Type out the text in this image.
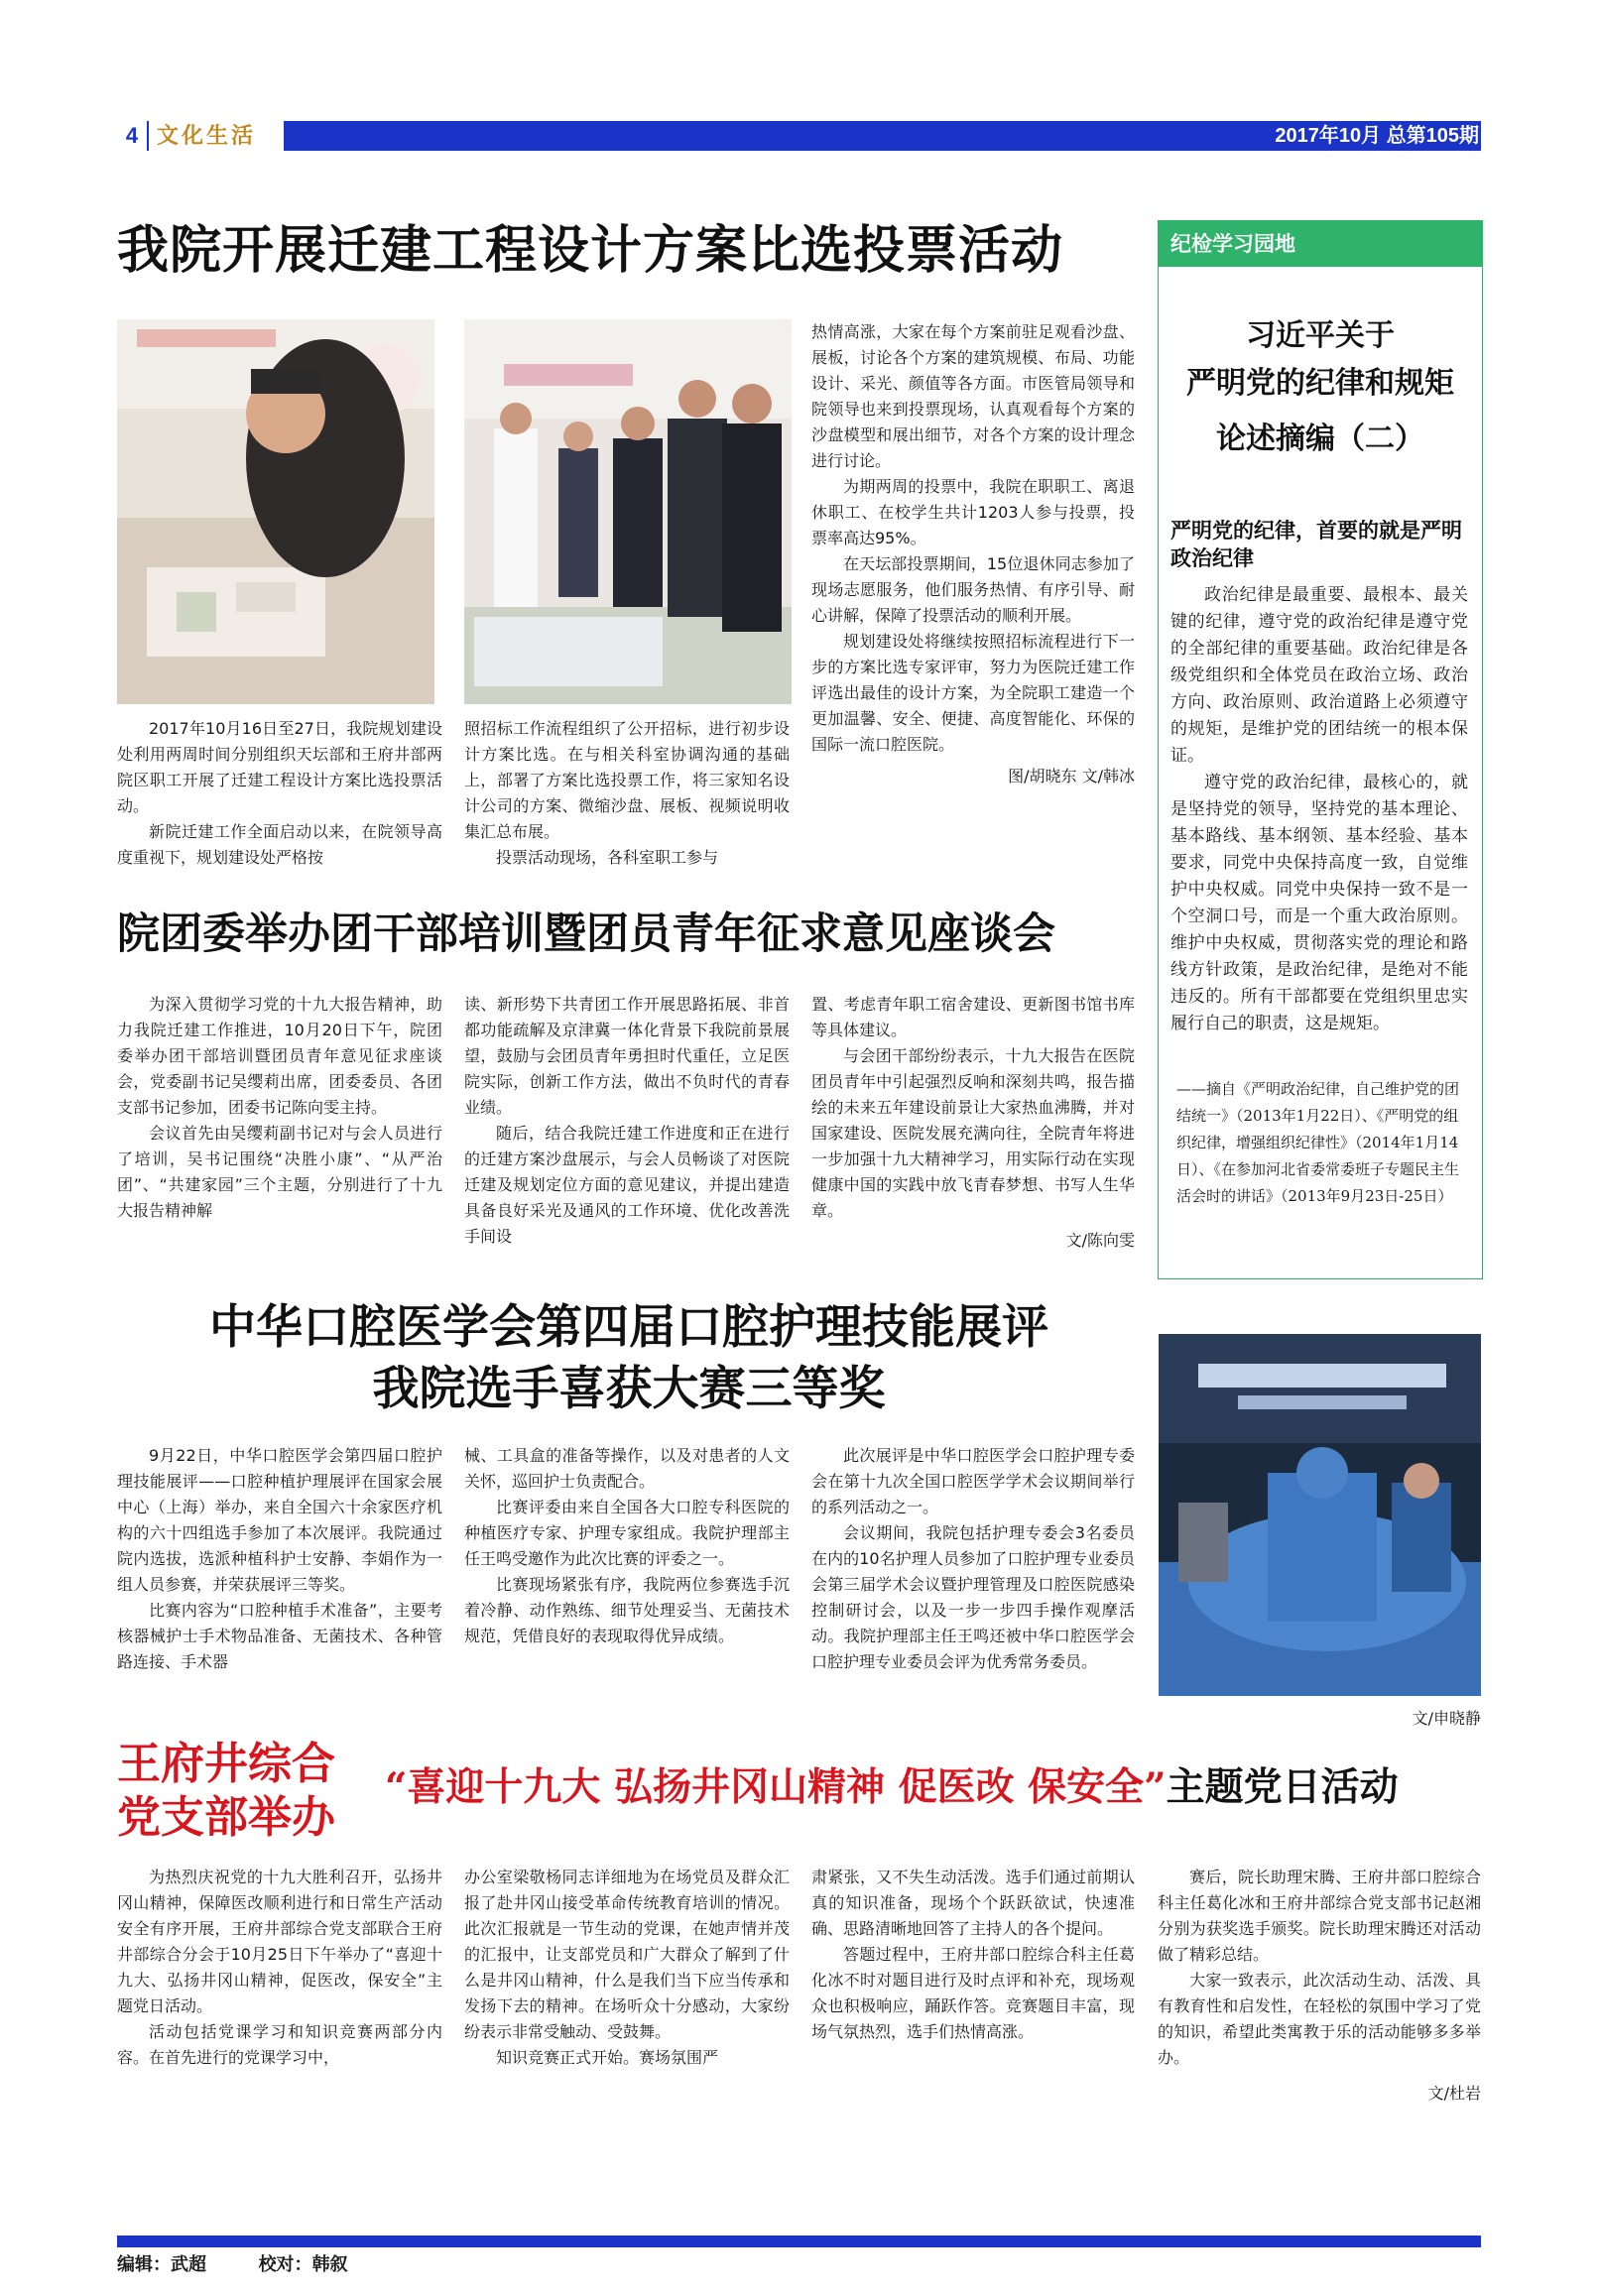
4 文化生活	2017年10月 总第105期
我院开展迁建工程设计方案比选投票活动

2017年10月16日至27日，我院规划建设处利用两周时间分别组织天坛部和王府井部两院区职工开展了迁建工程设计方案比选投票活动。

新院迁建工作全面启动以来，在院领导高度重视下，规划建设处严格按

照招标工作流程组织了公开招标，进行初步设计方案比选。在与相关科室协调沟通的基础上，部署了方案比选投票工作，将三家知名设计公司的方案、微缩沙盘、展板、视频说明收集汇总布展。

投票活动现场，各科室职工参与

热情高涨，大家在每个方案前驻足观看沙盘、展板，讨论各个方案的建筑规模、布局、功能设计、采光、颜值等各方面。市医管局领导和院领导也来到投票现场，认真观看每个方案的沙盘模型和展出细节，对各个方案的设计理念进行讨论。

为期两周的投票中，我院在职职工、离退休职工、在校学生共计1203人参与投票，投票率高达95%。

在天坛部投票期间，15位退休同志参加了现场志愿服务，他们服务热情、有序引导、耐心讲解，保障了投票活动的顺利开展。

规划建设处将继续按照招标流程进行下一步的方案比选专家评审，努力为医院迁建工作评选出最佳的设计方案，为全院职工建造一个更加温馨、安全、便捷、高度智能化、环保的国际一流口腔医院。

图/胡晓东 文/韩冰
院团委举办团干部培训暨团员青年征求意见座谈会

为深入贯彻学习党的十九大报告精神，助力我院迁建工作推进，10月20日下午，院团委举办团干部培训暨团员青年意见征求座谈会，党委副书记吴缨莉出席，团委委员、各团支部书记参加，团委书记陈向雯主持。

会议首先由吴缨莉副书记对与会人员进行了培训，吴书记围绕“决胜小康”、“从严治团”、“共建家园”三个主题，分别进行了十九大报告精神解

读、新形势下共青团工作开展思路拓展、非首都功能疏解及京津冀一体化背景下我院前景展望，鼓励与会团员青年勇担时代重任，立足医院实际，创新工作方法，做出不负时代的青春业绩。

随后，结合我院迁建工作进度和正在进行的迁建方案沙盘展示，与会人员畅谈了对医院迁建及规划定位方面的意见建议，并提出建造具备良好采光及通风的工作环境、优化改善洗手间设

置、考虑青年职工宿舍建设、更新图书馆书库等具体建议。

与会团干部纷纷表示，十九大报告在医院团员青年中引起强烈反响和深刻共鸣，报告描绘的未来五年建设前景让大家热血沸腾，并对国家建设、医院发展充满向往，全院青年将进一步加强十九大精神学习，用实际行动在实现健康中国的实践中放飞青春梦想、书写人生华章。

文/陈向雯
纪检学习园地
习近平关于
严明党的纪律和规矩
论述摘编（二）
严明党的纪律，首要的就是严明政治纪律

政治纪律是最重要、最根本、最关键的纪律，遵守党的政治纪律是遵守党的全部纪律的重要基础。政治纪律是各级党组织和全体党员在政治立场、政治方向、政治原则、政治道路上必须遵守的规矩，是维护党的团结统一的根本保证。

遵守党的政治纪律，最核心的，就是坚持党的领导，坚持党的基本理论、基本路线、基本纲领、基本经验、基本要求，同党中央保持高度一致，自觉维护中央权威。同党中央保持一致不是一个空洞口号，而是一个重大政治原则。维护中央权威，贯彻落实党的理论和路线方针政策，是政治纪律，是绝对不能违反的。所有干部都要在党组织里忠实履行自己的职责，这是规矩。

——摘自《严明政治纪律，自己维护党的团结统一》（2013年1月22日）、《严明党的组织纪律，增强组织纪律性》（2014年1月14日）、《在参加河北省委常委班子专题民主生活会时的讲话》（2013年9月23日-25日）
中华口腔医学会第四届口腔护理技能展评
我院选手喜获大赛三等奖

9月22日，中华口腔医学会第四届口腔护理技能展评——口腔种植护理展评在国家会展中心（上海）举办，来自全国六十余家医疗机构的六十四组选手参加了本次展评。我院通过院内选拔，选派种植科护士安静、李娟作为一组人员参赛，并荣获展评三等奖。

比赛内容为“口腔种植手术准备”，主要考核器械护士手术物品准备、无菌技术、各种管路连接、手术器

械、工具盒的准备等操作，以及对患者的人文关怀，巡回护士负责配合。

比赛评委由来自全国各大口腔专科医院的种植医疗专家、护理专家组成。我院护理部主任王鸣受邀作为此次比赛的评委之一。

比赛现场紧张有序，我院两位参赛选手沉着冷静、动作熟练、细节处理妥当、无菌技术规范，凭借良好的表现取得优异成绩。

此次展评是中华口腔医学会口腔护理专委会在第十九次全国口腔医学学术会议期间举行的系列活动之一。

会议期间，我院包括护理专委会3名委员在内的10名护理人员参加了口腔护理专业委员会第三届学术会议暨护理管理及口腔医院感染控制研讨会，以及一步一步四手操作观摩活动。我院护理部主任王鸣还被中华口腔医学会口腔护理专业委员会评为优秀常务委员。

文/申晓静
王府井综合
党支部举办
“喜迎十九大 弘扬井冈山精神 促医改 保安全”主题党日活动

为热烈庆祝党的十九大胜利召开，弘扬井冈山精神，保障医改顺利进行和日常生产活动安全有序开展，王府井部综合党支部联合王府井部综合分会于10月25日下午举办了“喜迎十九大、弘扬井冈山精神，促医改，保安全”主题党日活动。

活动包括党课学习和知识竞赛两部分内容。在首先进行的党课学习中，

办公室梁敬杨同志详细地为在场党员及群众汇报了赴井冈山接受革命传统教育培训的情况。此次汇报就是一节生动的党课，在她声情并茂的汇报中，让支部党员和广大群众了解到了什么是井冈山精神，什么是我们当下应当传承和发扬下去的精神。在场听众十分感动，大家纷纷表示非常受触动、受鼓舞。

知识竞赛正式开始。赛场氛围严

肃紧张，又不失生动活泼。选手们通过前期认真的知识准备，现场个个跃跃欲试，快速准确、思路清晰地回答了主持人的各个提问。

答题过程中，王府井部口腔综合科主任葛化冰不时对题目进行及时点评和补充，现场观众也积极响应，踊跃作答。竞赛题目丰富，现场气氛热烈，选手们热情高涨。

赛后，院长助理宋腾、王府井部口腔综合科主任葛化冰和王府井部综合党支部书记赵湘分别为获奖选手颁奖。院长助理宋腾还对活动做了精彩总结。

大家一致表示，此次活动生动、活泼、具有教育性和启发性，在轻松的氛围中学习了党的知识，希望此类寓教于乐的活动能够多多举办。

文/杜岩
编辑：武超	校对：韩叙
